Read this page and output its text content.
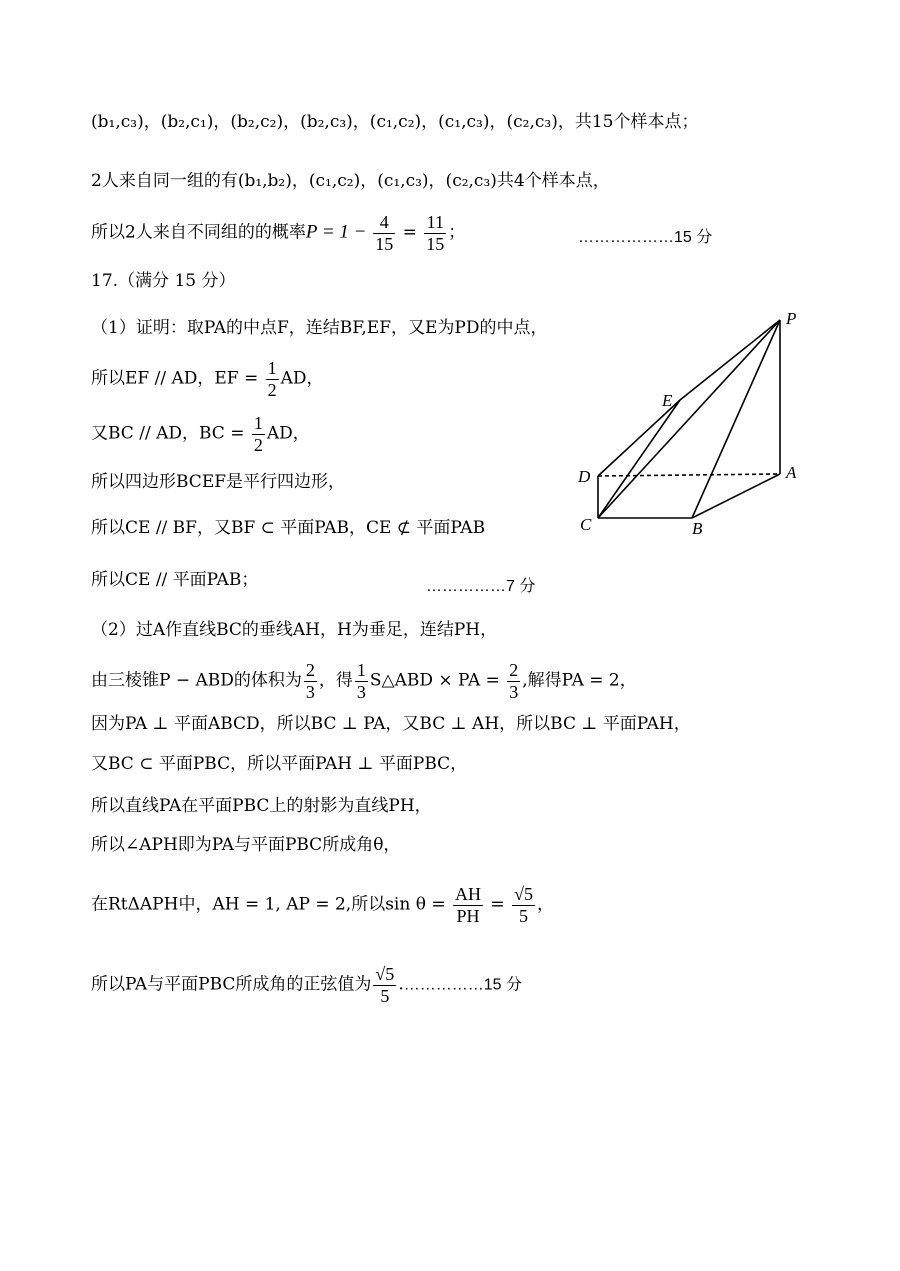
(b₁,c₃)，(b₂,c₁)，(b₂,c₂)，(b₂,c₃)，(c₁,c₂)，(c₁,c₃)，(c₂,c₃)，共15个样本点；
2人来自同一组的有(b₁,b₂)，(c₁,c₂)，(c₁,c₃)，(c₂,c₃)共4个样本点，
所以2人来自不同组的的概率$P = 1 - \frac{4}{15} = \frac{11}{15}$ ；	………………15 分
17.（满分 15 分）
（1）证明：取PA的中点F，连结BF,EF，又E为PD的中点，
所以EF // AD，EF = $\frac{1}{2}$ AD，
又BC // AD，BC = $\frac{1}{2}$ AD，
所以四边形BCEF是平行四边形，
所以CE // BF，又BF ⊂ 平面PAB，CE ⊄ 平面PAB
所以CE // 平面PAB；	……………7 分
（2）过A作直线BC的垂线AH，H为垂足，连结PH，
由三棱锥P − ABD的体积为 $\frac{2}{3}$ ，得 $\frac{1}{3}$ S△ABD × PA = $\frac{2}{3}$ ,解得PA = 2，
因为PA ⊥ 平面ABCD，所以BC ⊥ PA，又BC ⊥ AH，所以BC ⊥ 平面PAH，
又BC ⊂ 平面PBC，所以平面PAH ⊥ 平面PBC，
所以直线PA在平面PBC上的射影为直线PH，
所以∠APH即为PA与平面PBC所成角θ，
在RtΔAPH中，AH = 1, AP = 2,所以$\sin \theta = \frac{AH}{PH} = \frac{√5}{5}$ ，
所以PA与平面PBC所成角的正弦值为 $\frac{√5}{5}$ .……………15 分
P
E
D	A
C	B
